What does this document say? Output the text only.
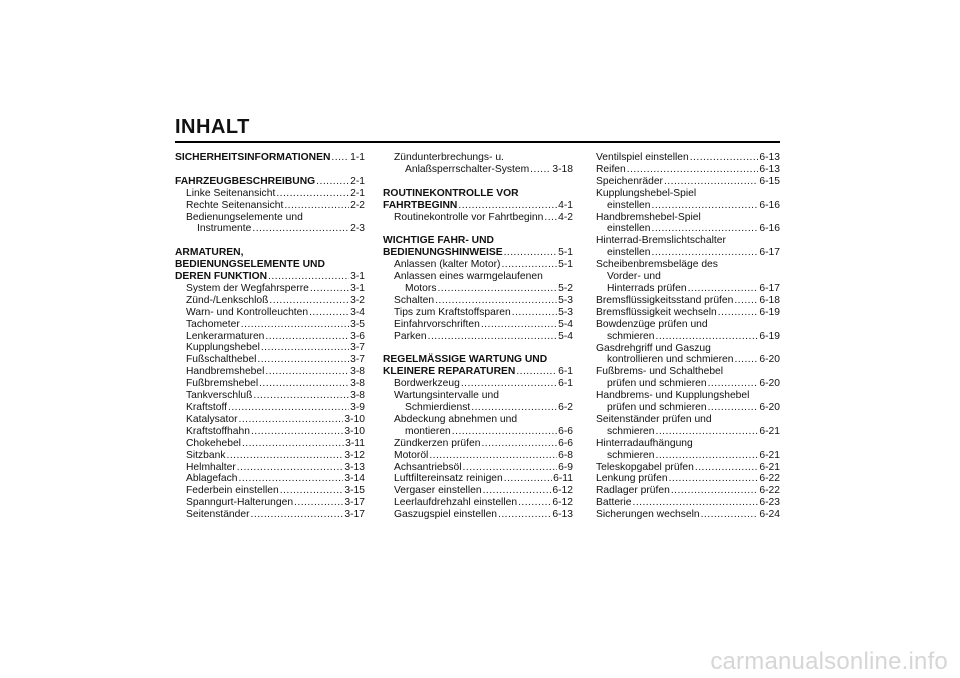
INHALT
SICHERHEITSINFORMATIONEN . . . 1-1
FAHRZEUGBESCHREIBUNG . . .	2-1
Linke Seitenansicht . . .	2-1
Rechte Seitenansicht . . .	2-2
Bedienungselemente und
Instrumente . . .	2-3
ARMATUREN,
BEDIENUNGSELEMENTE UND
DEREN FUNKTION . . .	3-1
System der Wegfahrsperre . . .	3-1
Zünd-/Lenkschloß . . .	3-2
Warn- und Kontrolleuchten . . .	3-4
Tachometer . . .	3-5
Lenkerarmaturen . . .	3-6
Kupplungshebel . . .	3-7
Fußschalthebel . . .	3-7
Handbremshebel . . .	3-8
Fußbremshebel . . .	3-8
Tankverschluß . . .	3-8
Kraftstoff . . .	3-9
Katalysator . . .	3-10
Kraftstoffhahn . . .	3-10
Chokehebel . . .	3-11
Sitzbank . . .	3-12
Helmhalter . . .	3-13
Ablagefach . . .	3-14
Federbein einstellen . . .	3-15
Spanngurt-Halterungen . . .	3-17
Seitenständer . . .	3-17
Zündunterbrechungs- u.
Anlaßsperrschalter-System . . . 3-18
ROUTINEKONTROLLE VOR
FAHRTBEGINN . . .	4-1
Routinekontrolle vor Fahrtbeginn . . . 4-2
WICHTIGE FAHR- UND
BEDIENUNGSHINWEISE . . .	5-1
Anlassen (kalter Motor) . . .	5-1
Anlassen eines warmgelaufenen
Motors . . .	5-2
Schalten . . .	5-3
Tips zum Kraftstoffsparen . . .	5-3
Einfahrvorschriften . . .	5-4
Parken . . .	5-4
REGELMÄSSIGE WARTUNG UND
KLEINERE REPARATUREN . . .	6-1
Bordwerkzeug . . .	6-1
Wartungsintervalle und
Schmierdienst . . .	6-2
Abdeckung abnehmen und
montieren . . .	6-6
Zündkerzen prüfen . . .	6-6
Motoröl . . .	6-8
Achsantriebsöl . . .	6-9
Luftfiltereinsatz reinigen . . .	6-11
Vergaser einstellen . . .	6-12
Leerlaufdrehzahl einstellen . . .	6-12
Gaszugspiel einstellen . . .	6-13
Ventilspiel einstellen . . .	6-13
Reifen . . .	6-13
Speichenräder . . .	6-15
Kupplungshebel-Spiel
einstellen . . .	6-16
Handbremshebel-Spiel
einstellen . . .	6-16
Hinterrad-Bremslichtschalter
einstellen . . .	6-17
Scheibenbremsbeläge des
Vorder- und
Hinterrads prüfen . . .	6-17
Bremsflüssigkeitsstand prüfen . . .	6-18
Bremsflüssigkeit wechseln . . .	6-19
Bowdenzüge prüfen und
schmieren . . .	6-19
Gasdrehgriff und Gaszug
kontrollieren und schmieren . . .	6-20
Fußbrems- und Schalthebel
prüfen und schmieren . . .	6-20
Handbrems- und Kupplungshebel
prüfen und schmieren . . .	6-20
Seitenständer prüfen und
schmieren . . .	6-21
Hinterradaufhängung
schmieren . . .	6-21
Teleskopgabel prüfen . . .	6-21
Lenkung prüfen . . .	6-22
Radlager prüfen . . .	6-22
Batterie . . .	6-23
Sicherungen wechseln . . .	6-24
carmanualsonline.info
